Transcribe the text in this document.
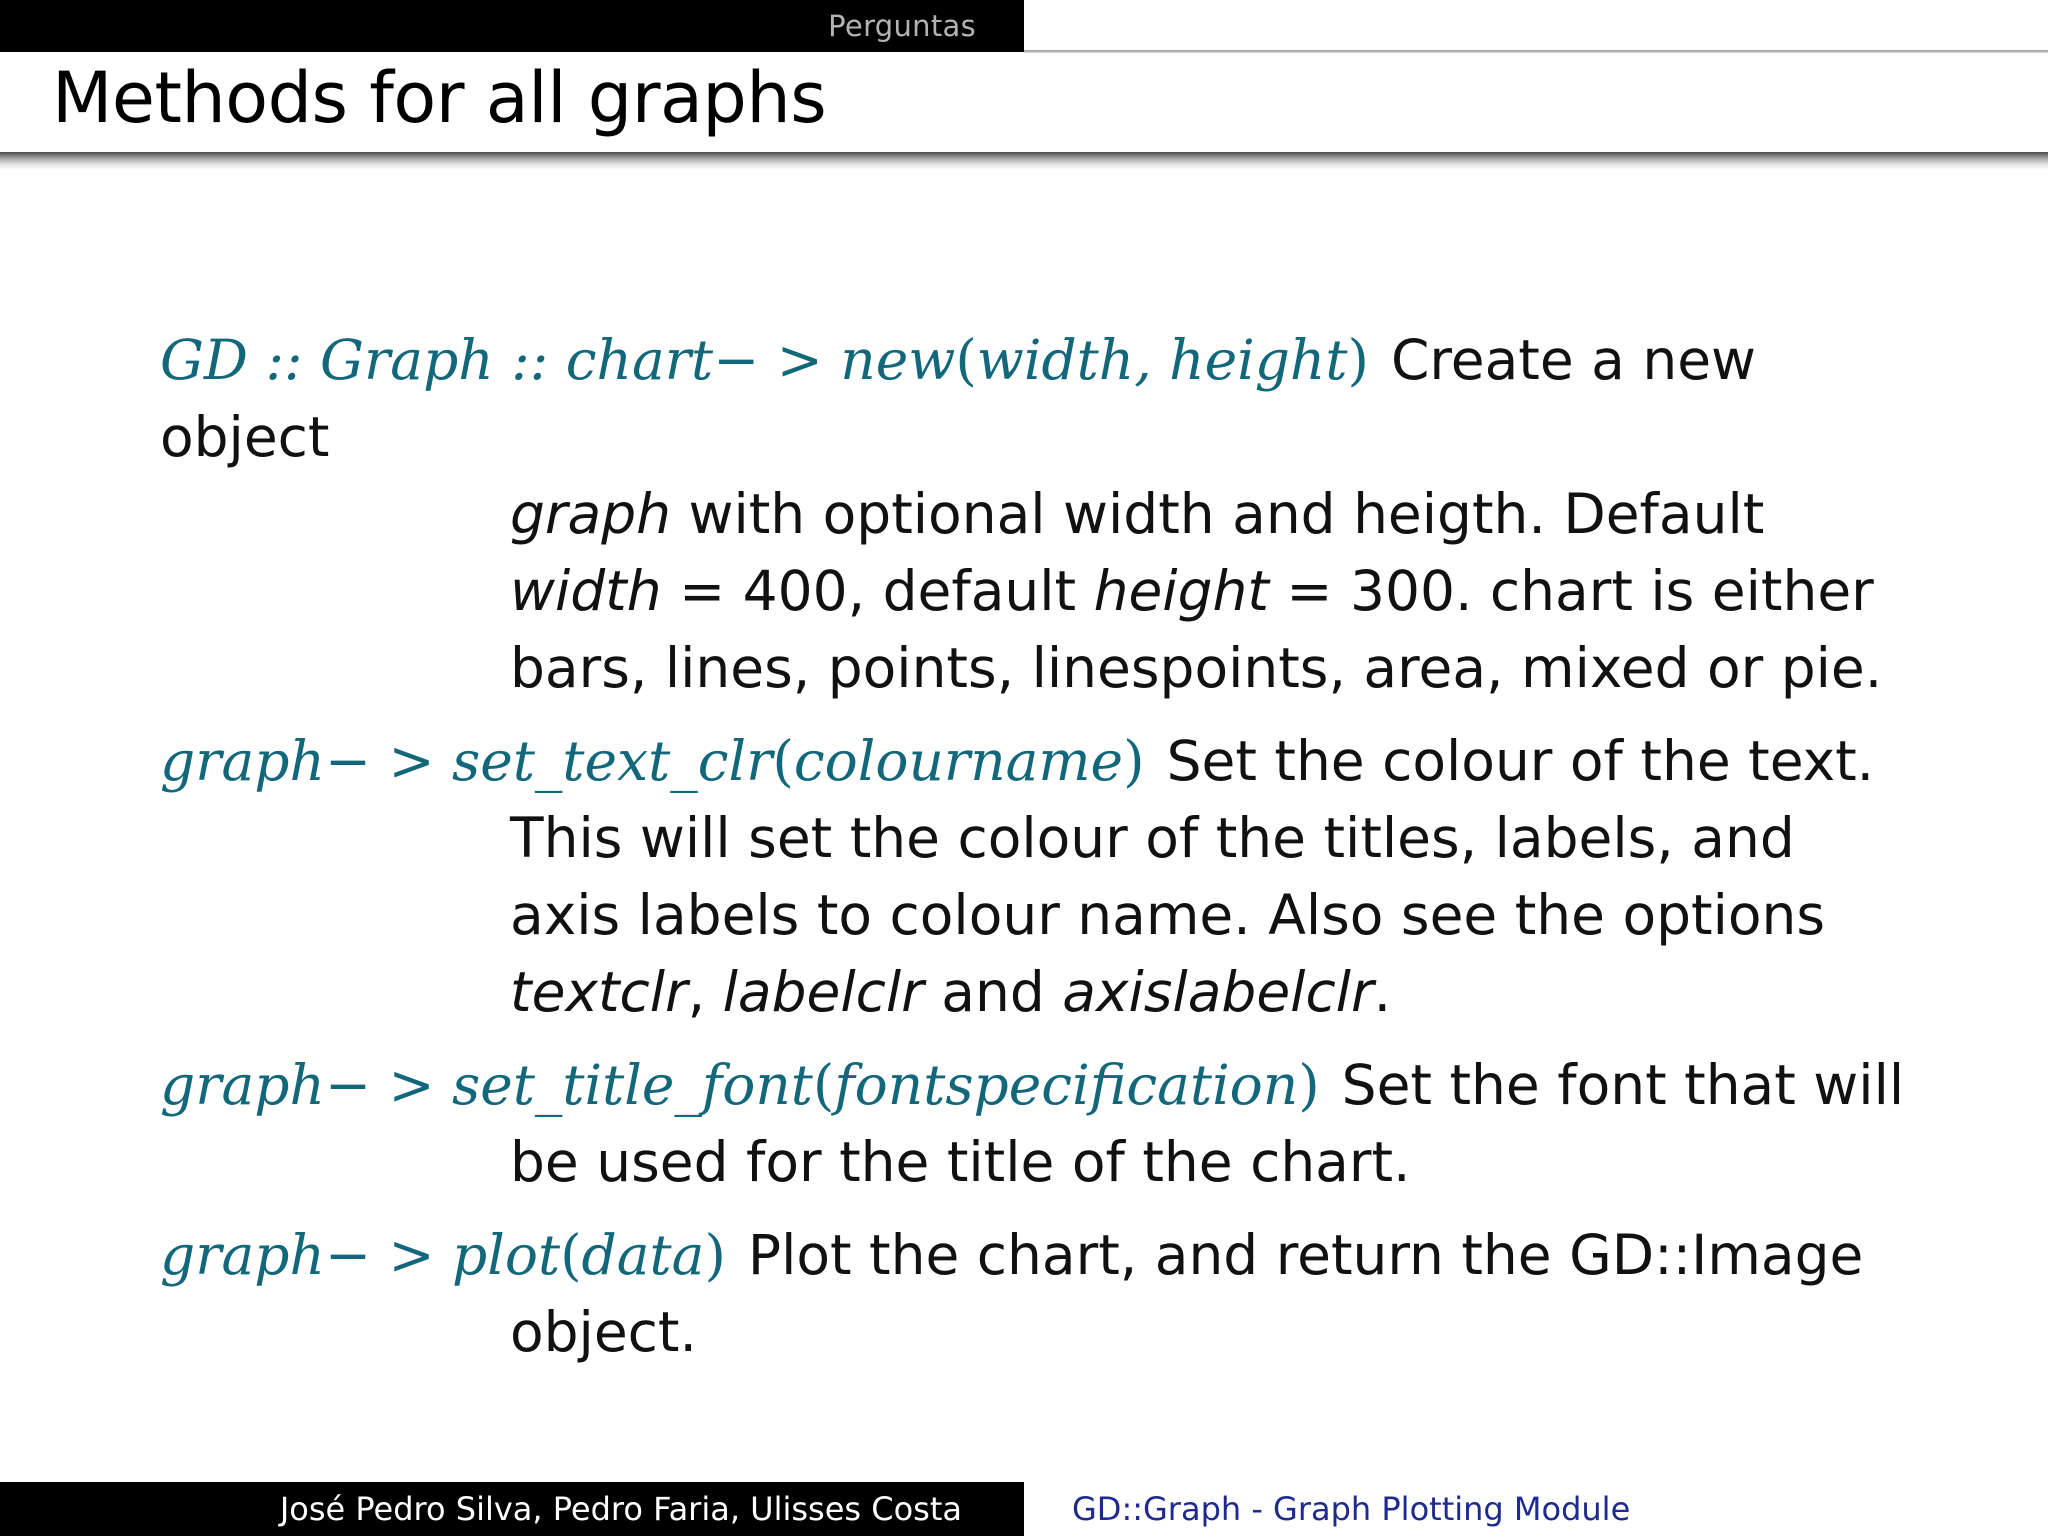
Perguntas
Methods for all graphs
GD :: Graph :: chart− > new(width, height) Create a new object
graph with optional width and heigth. Default width = 400, default height = 300. chart is either bars, lines, points, linespoints, area, mixed or pie.
graph− > set_text_clr(colourname) Set the colour of the text.
This will set the colour of the titles, labels, and axis labels to colour name. Also see the options textclr, labelclr and axislabelclr.
graph− > set_title_font(fontspecification) Set the font that will
be used for the title of the chart.
graph− > plot(data) Plot the chart, and return the GD::Image
object.
José Pedro Silva, Pedro Faria, Ulisses Costa	GD::Graph - Graph Plotting Module
